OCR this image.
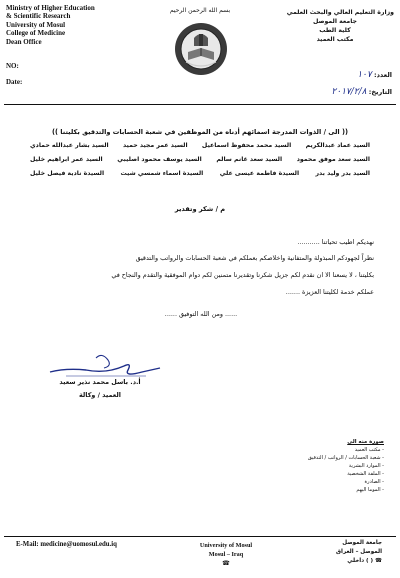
Ministry of Higher Education
& Scientific Research
University of Mosul
College of Medicine
Dean Office
NO:
Date:
بسم الله الرحمن الرحيم	وزارة التعليم العالي والبحث العلمي
جامعة الموصل
كلية الطب
مكتب العميد
العدد: ١٠٧
التاريخ: ٢٠١٧/٢/٨
(( الى / الذوات المدرجة اسمائهم أدناه من الموظفين في شعبة الحسابات والتدقيق بكليتنا ))
السيد عماد عبدالكريم
السيد محمد محفوظ اسماعيل
السيد عمر مجيد حميد
السيد بشار عبدالله حمادي
السيد سعد موفق محمود
السيد سعد غانم سالم
السيد يوسف محمود اصليبي
السيد عمر ابراهيم خليل
السيد بدر وليد بدر
السيدة فاطمة عيسى علي
السيدة اسماء شمسي شيت
السيدة نادية فيصل خليل
م / شكر وتقدير
نهديكم اطيب تحياتنا ...........
نظراً لجهودكم المبذولة والمتفانية واخلاصكم بعملكم في شعبة الحسابات والرواتب والتدقيق
بكليتنا ، لا يسعنا الا ان نقدم لكم جزيل شكرنا وتقديرنا متمنين لكم دوام الموفقية والتقدم والنجاح في
عملكم خدمة لكليتنا العزيزة .......
...... ومن الله التوفيق ......
أ.د. باسل محمد نذير سعيد
العميد / وكالة
صورة منه الى
- مكتب العميد
- شعبة الحسابات / الرواتب / التدقيق
- الموارد البشرية
- الملفة الشخصية
- الصادرة
- الموما اليهم
E-Mail: medicine@uomosul.edu.iq	University of Mosul
Mosul – Iraq
☎
جامعة الموصل
الموصل – العراق
☎ ( ) داخلي
